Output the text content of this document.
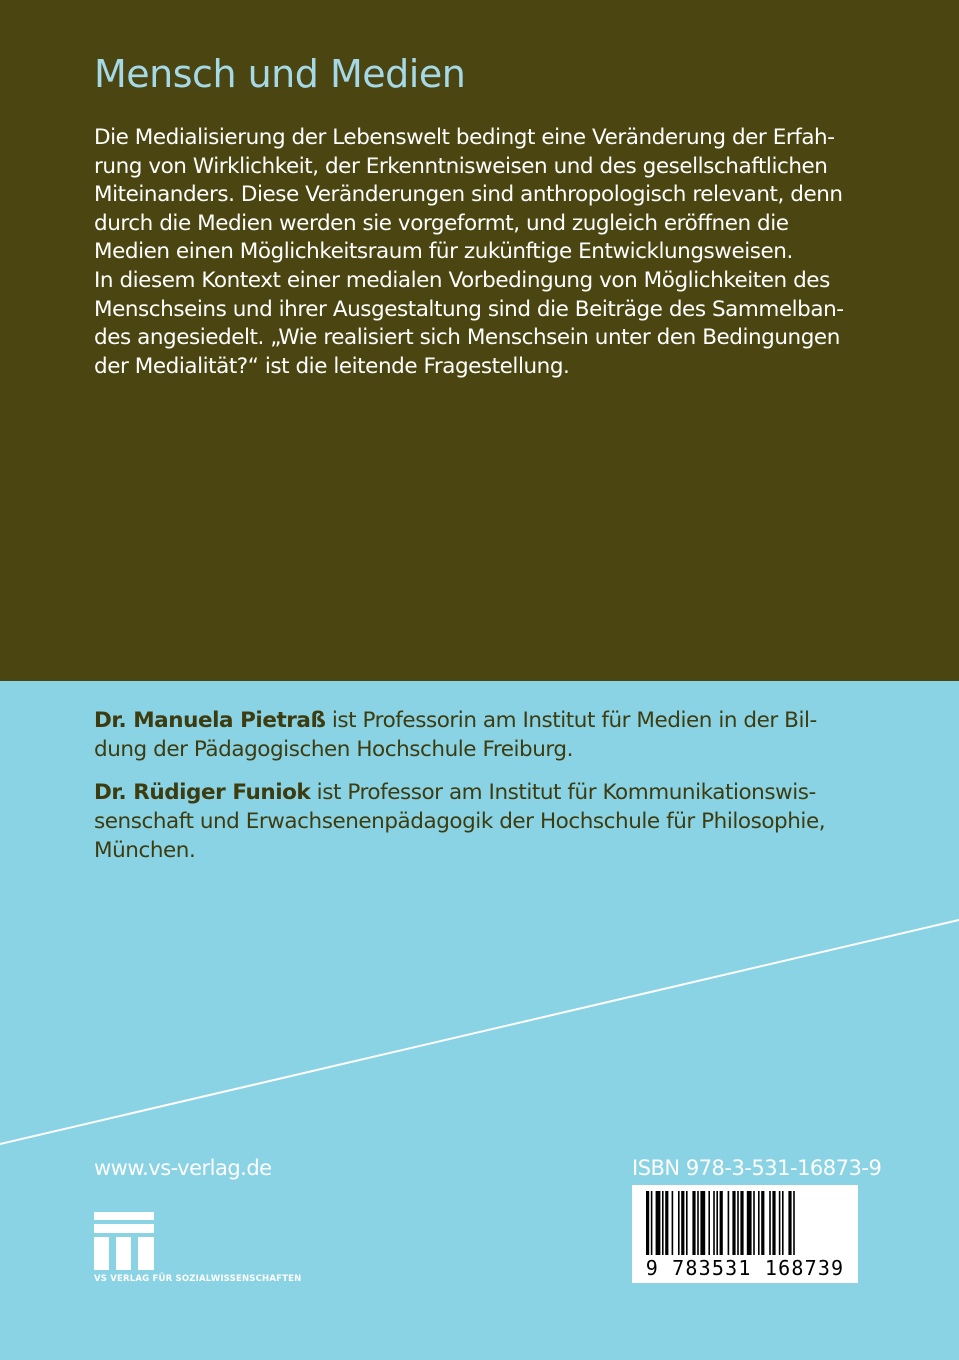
Mensch und Medien

Die Medialisierung der Lebenswelt bedingt eine Veränderung der Erfah-
rung von Wirklichkeit, der Erkenntnisweisen und des gesellschaftlichen
Miteinanders. Diese Veränderungen sind anthropologisch relevant, denn
durch die Medien werden sie vorgeformt, und zugleich eröffnen die
Medien einen Möglichkeitsraum für zukünftige Entwicklungsweisen.
In diesem Kontext einer medialen Vorbedingung von Möglichkeiten des
Menschseins und ihrer Ausgestaltung sind die Beiträge des Sammelban-
des angesiedelt. „Wie realisiert sich Menschsein unter den Bedingungen
der Medialität?“ ist die leitende Fragestellung.

Dr. Manuela Pietraß ist Professorin am Institut für Medien in der Bil-
dung der Pädagogischen Hochschule Freiburg.

Dr. Rüdiger Funiok ist Professor am Institut für Kommunikationswis-
senschaft und Erwachsenenpädagogik der Hochschule für Philosophie,
München.

www.vs-verlag.de	ISBN 978-3-531-16873-9
9 783531 168739
VS VERLAG FÜR SOZIALWISSENSCHAFTEN
